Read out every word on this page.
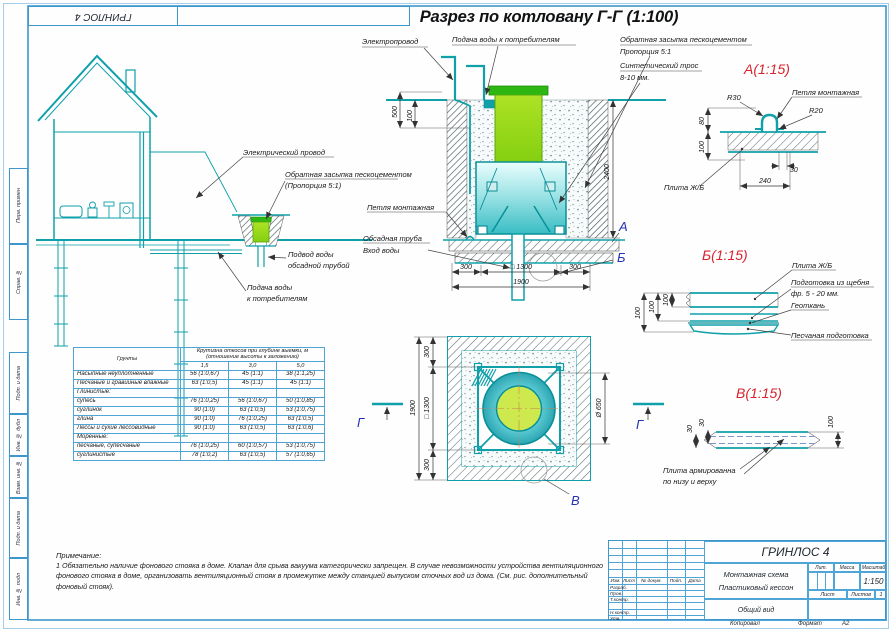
Электрический провод
Обратная засыпка пескоцементом
(Пропорция 5:1)
Подвод воды
обсадной трубой
Подача воды
к потребителям
Электропровод	Подача воды к потребителям	Обратная засыпка пескоцементом
Пропорция 5:1
Синтетический трос
8-10 мм.
Петля монтажная
Обсадная труба
Вход воды
500 100
2400
300	□ 1300	300
1900
А
Б
1900 □ 1300
300
300
Ø 650
Г	Г
В
А(1:15)
R30
Петля монтажная
R20
Плита Ж/Б
80
100
30
240
Б(1:15)
100
100
100
Плита Ж/Б
Подготовка из щебня
фр. 5 - 20 мм.
Геоткань
Песчаная подготовка
В(1:15)
30
30	100
Плита армированна
по низу и верху
Разрез по котловану Г-Г (1:100)
ГРИНЛОС 4
Перв. примен
Справ. №
Подп. и дата
Инв. № дубл
Взам. инв. №
Подп. и дата
Инв. № подл
Грунты	Крутизна откосов при глубине выемки, м
(отношение высоты к заложению)		

	1,5	3,0	5,0
Насыпные неуплотненные	56 (1:0,67)	45 (1:1)	38 (1:1,25)
Песчаные и гравийные влажные	63 (1:0,5)	45 (1:1)	45 (1:1)
Глинистые:			
супесь	76 (1:0,25)	56 (1:0,67)	50 (1:0,85)
суглинок	90 (1:0)	63 (1:0,5)	53 (1:0,75)
глина	90 (1:0)	76 (1:0,25)	63 (1:0,5)
Лессы и сухие лессовидные	90 (1:0)	63 (1:0,5)	63 (1:0,6)
Моренные:			
песчаные, супесчаные	76 (1:0,25)	60 (1:0,57)	53 (1:0,75)
суглинистые	78 (1:0,2)	63 (1:0,5)	57 (1:0,65)
Примечание:
1 Обязательно наличие фонового стояка в доме. Клапан для срыва вакуума категорически запрещен. В случае невозможности устройства вентиляционного фонового стояка в доме, организовать вентиляционный стояк в промежутке между станцией выпуском сточных вод из дома. (См. рис. дополнительный фоновый стояк).
Изм. Лист	№ докум.	Подп.	Дата
Разраб.
Пров.
Т.контр.
Н.контр.
Утв.
ГРИНЛОС 4
Монтажная схема
Пластиковый кессон
Лит.	Масса	Масштаб
1:150
Лист	Листов	1
Общий вид
Копировал	Формат	А2
